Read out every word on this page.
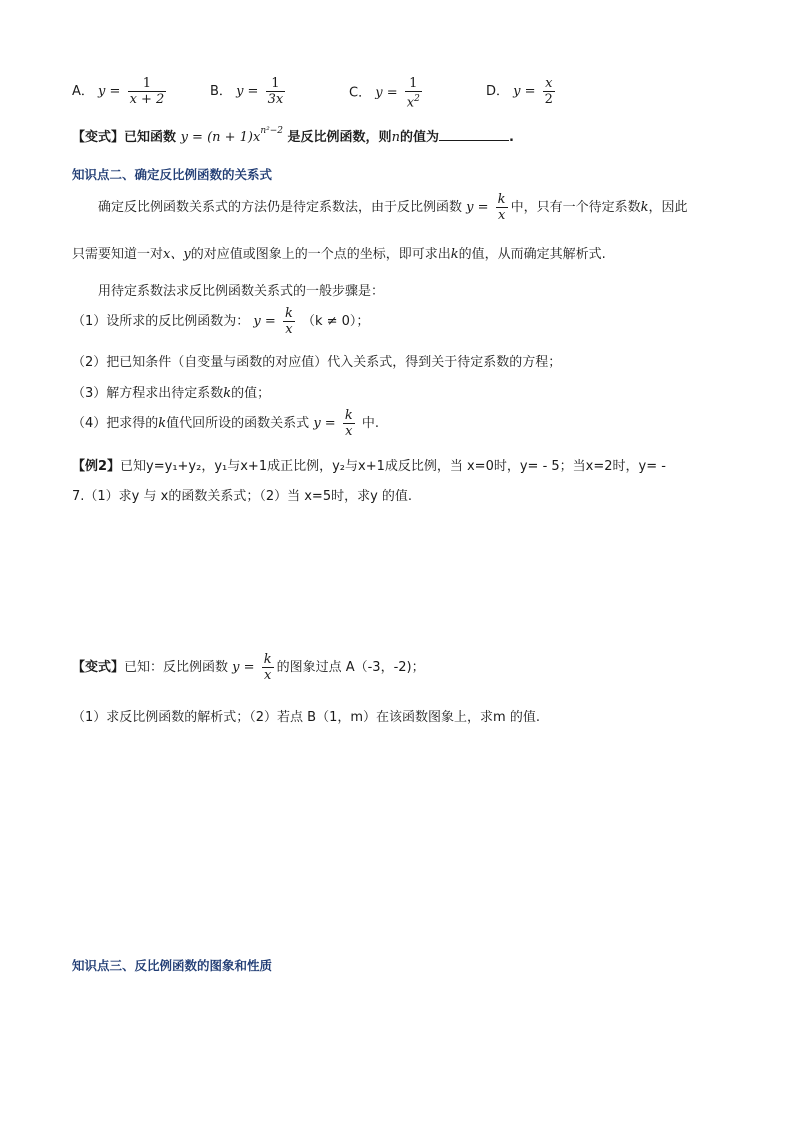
A． $y = \frac{1}{x + 2}$	B． $y = \frac{1}{3x}$	C． $y = \frac{1}{x^2}$	D． $y = \frac{x}{2}$
【变式】已知函数 $y = (n + 1)x^{n^2-2}$ 是反比例函数，则n的值为	.
知识点二、确定反比例函数的关系式
确定反比例函数关系式的方法仍是待定系数法，由于反比例函数 $y = \frac{k}{x}$ 中，只有一个待定系数k，因此
只需要知道一对x、y的对应值或图象上的一个点的坐标，即可求出k的值，从而确定其解析式.
用待定系数法求反比例函数关系式的一般步骤是：
（1）设所求的反比例函数为： $y = \frac{k}{x} (k \ne 0)$；
（2）把已知条件（自变量与函数的对应值）代入关系式，得到关于待定系数的方程；
（3）解方程求出待定系数k的值；
（4）把求得的k值代回所设的函数关系式 $y = \frac{k}{x}$ 中.
【例2】已知y=y₁+y₂，y₁与x+1成正比例，y₂与x+1成反比例，当 x=0时，y= - 5；当x=2时，y= -
7.（1）求y 与 x的函数关系式；（2）当 x=5时，求y 的值.
【变式】已知：反比例函数 $y = \frac{k}{x}$ 的图象过点 A（-3，-2)；
（1）求反比例函数的解析式；（2）若点 B（1，m）在该函数图象上，求m 的值.
知识点三、反比例函数的图象和性质
